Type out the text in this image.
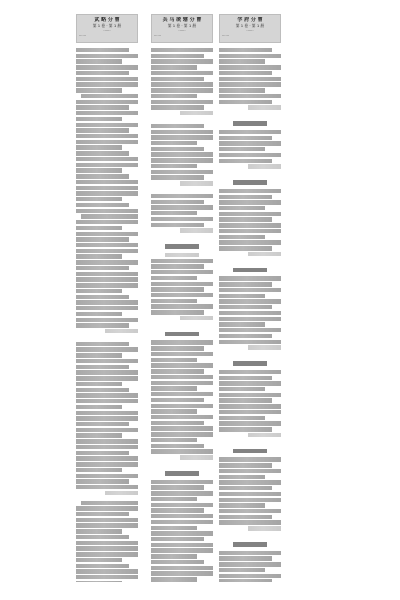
武 略 分 曹
第 1 卷 · 第 1 册
……
……
兵 马 统 辖 分 曹
第 1 卷 · 第 1 册
……
……
学 府 分 曹
第 1 卷 · 第 1 册
……
……
